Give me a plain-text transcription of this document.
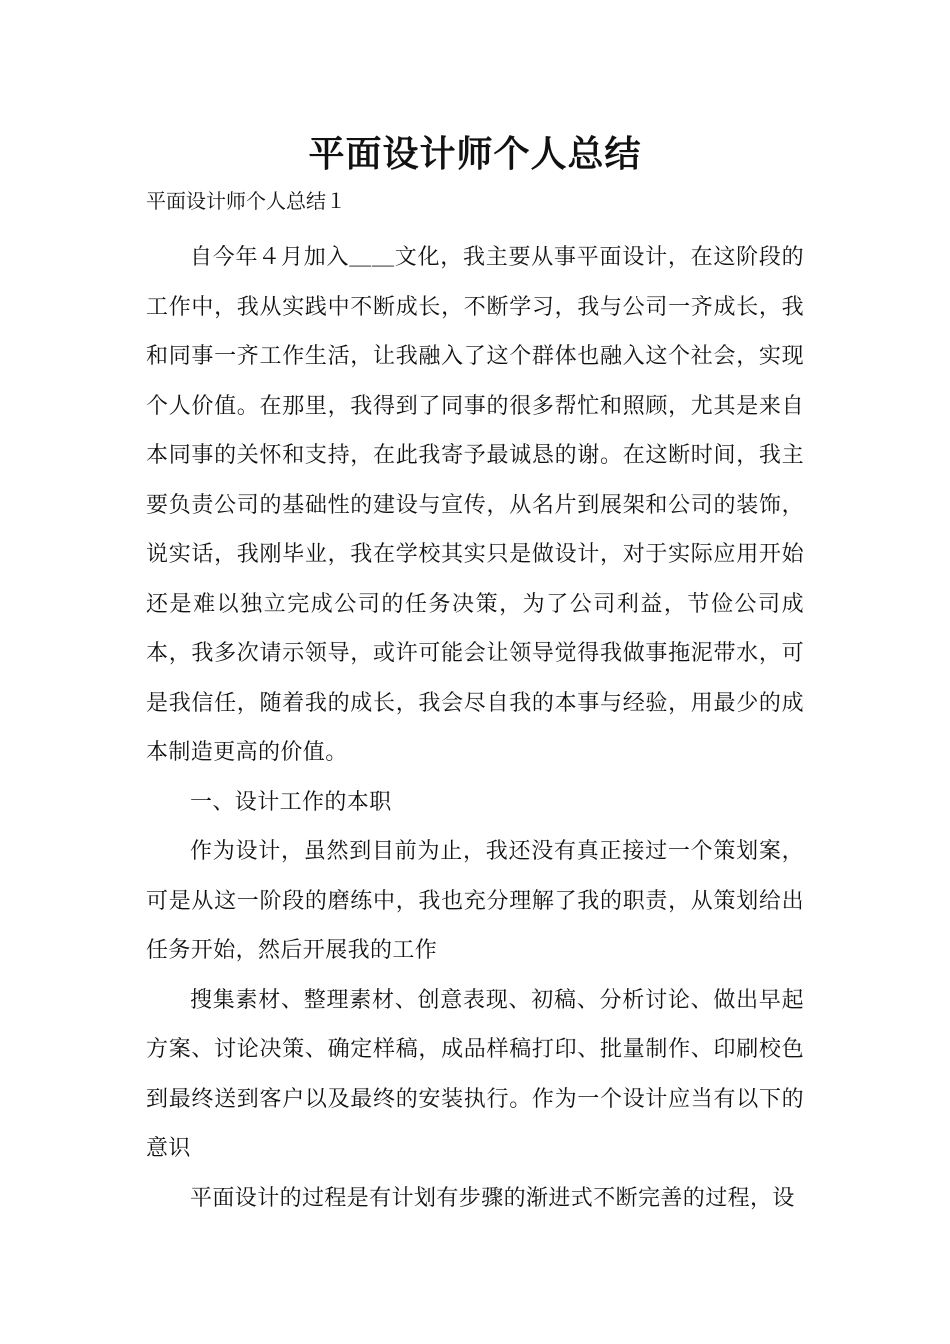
平面设计师个人总结
平面设计师个人总结１

自今年４月加入＿＿文化，我主要从事平面设计，在这阶段的工作中，我从实践中不断成长，不断学习，我与公司一齐成长，我和同事一齐工作生活，让我融入了这个群体也融入这个社会，实现个人价值。在那里，我得到了同事的很多帮忙和照顾，尤其是来自本同事的关怀和支持，在此我寄予最诚恳的谢。在这断时间，我主要负责公司的基础性的建设与宣传，从名片到展架和公司的装饰，说实话，我刚毕业，我在学校其实只是做设计，对于实际应用开始还是难以独立完成公司的任务决策，为了公司利益，节俭公司成本，我多次请示领导，或许可能会让领导觉得我做事拖泥带水，可是我信任，随着我的成长，我会尽自我的本事与经验，用最少的成本制造更高的价值。

一、设计工作的本职

作为设计，虽然到目前为止，我还没有真正接过一个策划案，可是从这一阶段的磨练中，我也充分理解了我的职责，从策划给出任务开始，然后开展我的工作

搜集素材、整理素材、创意表现、初稿、分析讨论、做出早起方案、讨论决策、确定样稿，成品样稿打印、批量制作、印刷校色到最终送到客户以及最终的安装执行。作为一个设计应当有以下的意识

平面设计的过程是有计划有步骤的渐进式不断完善的过程，设
